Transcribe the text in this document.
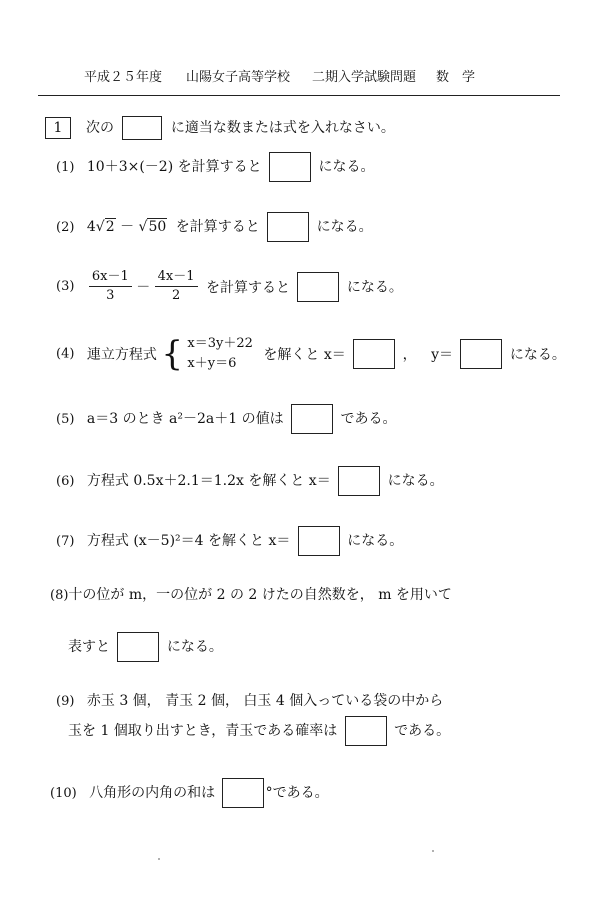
平成２５年度 山陽女子高等学校 二期入学試験問題 数　学
1	次の	に適当な数または式を入れなさい。
(1) 10＋3×(－2) を計算すると	になる。
(2) 4√2 － √50 を計算すると	になる。
$(3) \frac{6x-1}{3} - \frac{4x-1}{2}$ を計算すると	になる。
(4) 連立方程式 { x＝3y＋22
x＋y＝6
を解くと x＝	， y＝	になる。
(5) a＝3 のとき a²－2a＋1 の値は	である。
(6) 方程式 0.5x＋2.1＝1.2x を解くと x＝	になる。
(7) 方程式 (x－5)²＝4 を解くと x＝	になる。
(8)十の位が m，一の位が 2 の 2 けたの自然数を， m を用いて
表すと	になる。
(9) 赤玉 3 個， 青玉 2 個， 白玉 4 個入っている袋の中から
玉を 1 個取り出すとき，青玉である確率は	である。
(10) 八角形の内角の和は	°である。
